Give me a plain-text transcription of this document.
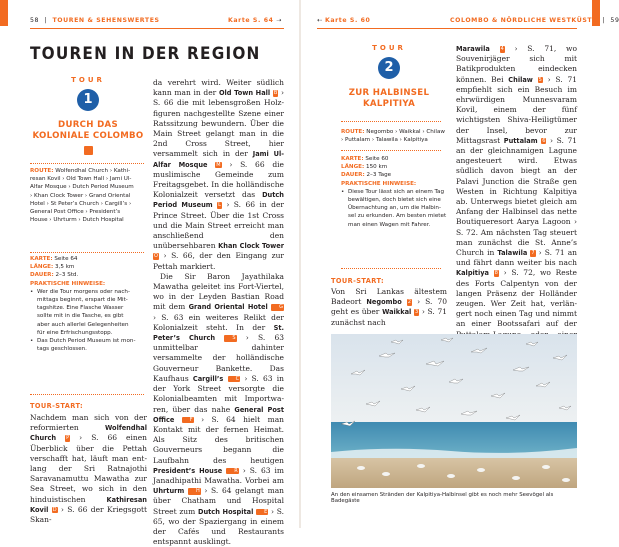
58  |  TOUREN & SEHENSWERTES	Karte S. 64 ➝	⇠ Karte S. 60	COLOMBO & NÖRDLICHE WESTKÜSTE  |  59
TOUREN IN DER REGION
TOUR
1
DURCH DAS
KOLONIALE COLOMBO
ROUTE: Wolfendhal Church › Kathi-
resan Kovil › Old Town Hall › Jami Ul-
Alfar Mosque › Dutch Period Museum
› Khan Clock Tower › Grand Oriental
Hotel › St Peter’s Church › Cargill’s ›
General Post Office › President’s
House › Uhrturm › Dutch Hospital
KARTE: Seite 64
LÄNGE: 3,5 km
DAUER: 2–3 Std.
PRAKTISCHE HINWEISE:
• Wer die Tour morgens oder nach-
mittags beginnt, erspart die Mit-
tagshitze. Eine Flasche Wasser
sollte mit in die Tasche, es gibt
aber auch allerlei Gelegenheiten
für eine Erfrischungsstopp.
• Das Dutch Period Museum ist mon-
tags geschlossen.
TOUR-START:

Nachdem man sich von der reformierten Wolfendhal Church P › S. 66 einen Überblick über die Pettah verschafft hat, läuft man entlang der Sri Ratnajothi Saravanamuttu Mawatha zur Sea Street, wo sich in den hinduistischen Kathiresan Kovil D › S. 66 der Kriegsgott Skan-

da verehrt wird. Weiter südlich kann man in der Old Town Hall B › S. 66 die mit lebensgroßen Holzfiguren nachgestellte Szene einer Ratssitzung bewundern. Über die Main Street gelangt man in die 2nd Cross Street, hier versammelt sich in der Jami Ul-Alfar Mosque M › S. 66 die muslimische Gemeinde zum Freitagsgebet. In die holländische Kolonialzeit versetzt das Dutch Period Museum L › S. 66 in der Prince Street. Über die 1st Cross und die Main Street erreicht man anschließend den unübersehbaren Khan Clock Tower O › S. 66, der den Eingang zur Pettah markiert.

Die Sir Baron Jayathilaka Mawatha geleitet ins Fort-Viertel, wo in der Leyden Bastian Road mit dem Grand Oriental Hotel G › S. 63 ein weiteres Relikt der Kolonialzeit steht. In der St. Peter’s Church	S › S. 63 unmittelbar dahinter versammelte der holländische Gouverneur Bankette. Das Kaufhaus Cargill’s C › S. 63 in der York Street versorgte die Kolonialbeamten mit Importwaren, über das nahe General Post Office	F › S. 64 hielt man Kontakt mit der fernen Heimat. Als Sitz des britischen Gouverneurs begann die Laufbahn des heutigen President’s House R › S. 63 im Janadhipathi Mawatha. Vorbei am Uhrturm H › S. 64 gelangt man über Chatham und Hospital Street zum Dutch Hospital E › S. 65, wo der Spaziergang in einem der Cafés und Restaurants entspannt ausklingt.

TOUR
2
ZUR HALBINSEL
KALPITIYA
ROUTE: Negombo › Waikkal › Chilaw
› Puttalam › Talawila › Kalpitiya
KARTE: Seite 60
LÄNGE: 150 km
DAUER: 2–3 Tage
PRAKTISCHE HINWEISE:
• Diese Tour lässt sich an einem Tag
bewältigen, doch bietet sich eine
Übernachtung an, um die Halbin-
sel zu erkunden. Am besten mietet
man einen Wagen mit Fahrer.
TOUR-START:

Von Sri Lankas ältestem Badeort Negombo 2 › S. 70 geht es über Waikkal 3 › S. 71 zunächst nach

Marawila 4 › S. 71, wo Souvenirjäger sich mit Batikprodukten eindecken können. Bei Chilaw 5 › S. 71 empfiehlt sich ein Besuch im ehrwürdigen Munnesvaram Kovil, einem der fünf wichtigsten Shiva-Heiligtümer der Insel, bevor zur Mittagsrast Puttalam 6 › S. 71 an der gleichnamigen Lagune angesteuert wird. Etwas südlich davon biegt an der Palavi Junction die Straße gen Westen in Richtung Kalpitiya ab. Unterwegs bietet gleich am Anfang der Halbinsel das nette Boutiqueresort Aarya Lagoon › S. 72. Am nächsten Tag steuert man zunächst die St. Anne’s Church in Talawila 7 › S. 71 an und fährt dann weiter bis nach Kalpitiya 8 › S. 72, wo Reste des Forts Calpentyn von der langen Präsenz der Holländer zeugen. Wer Zeit hat, verlängert noch einen Tag und nimmt an einer Bootssafari auf der

An den einsamen Stränden der Kalpitiya-Halbinsel gibt es noch mehr Seevögel als Badegäste
